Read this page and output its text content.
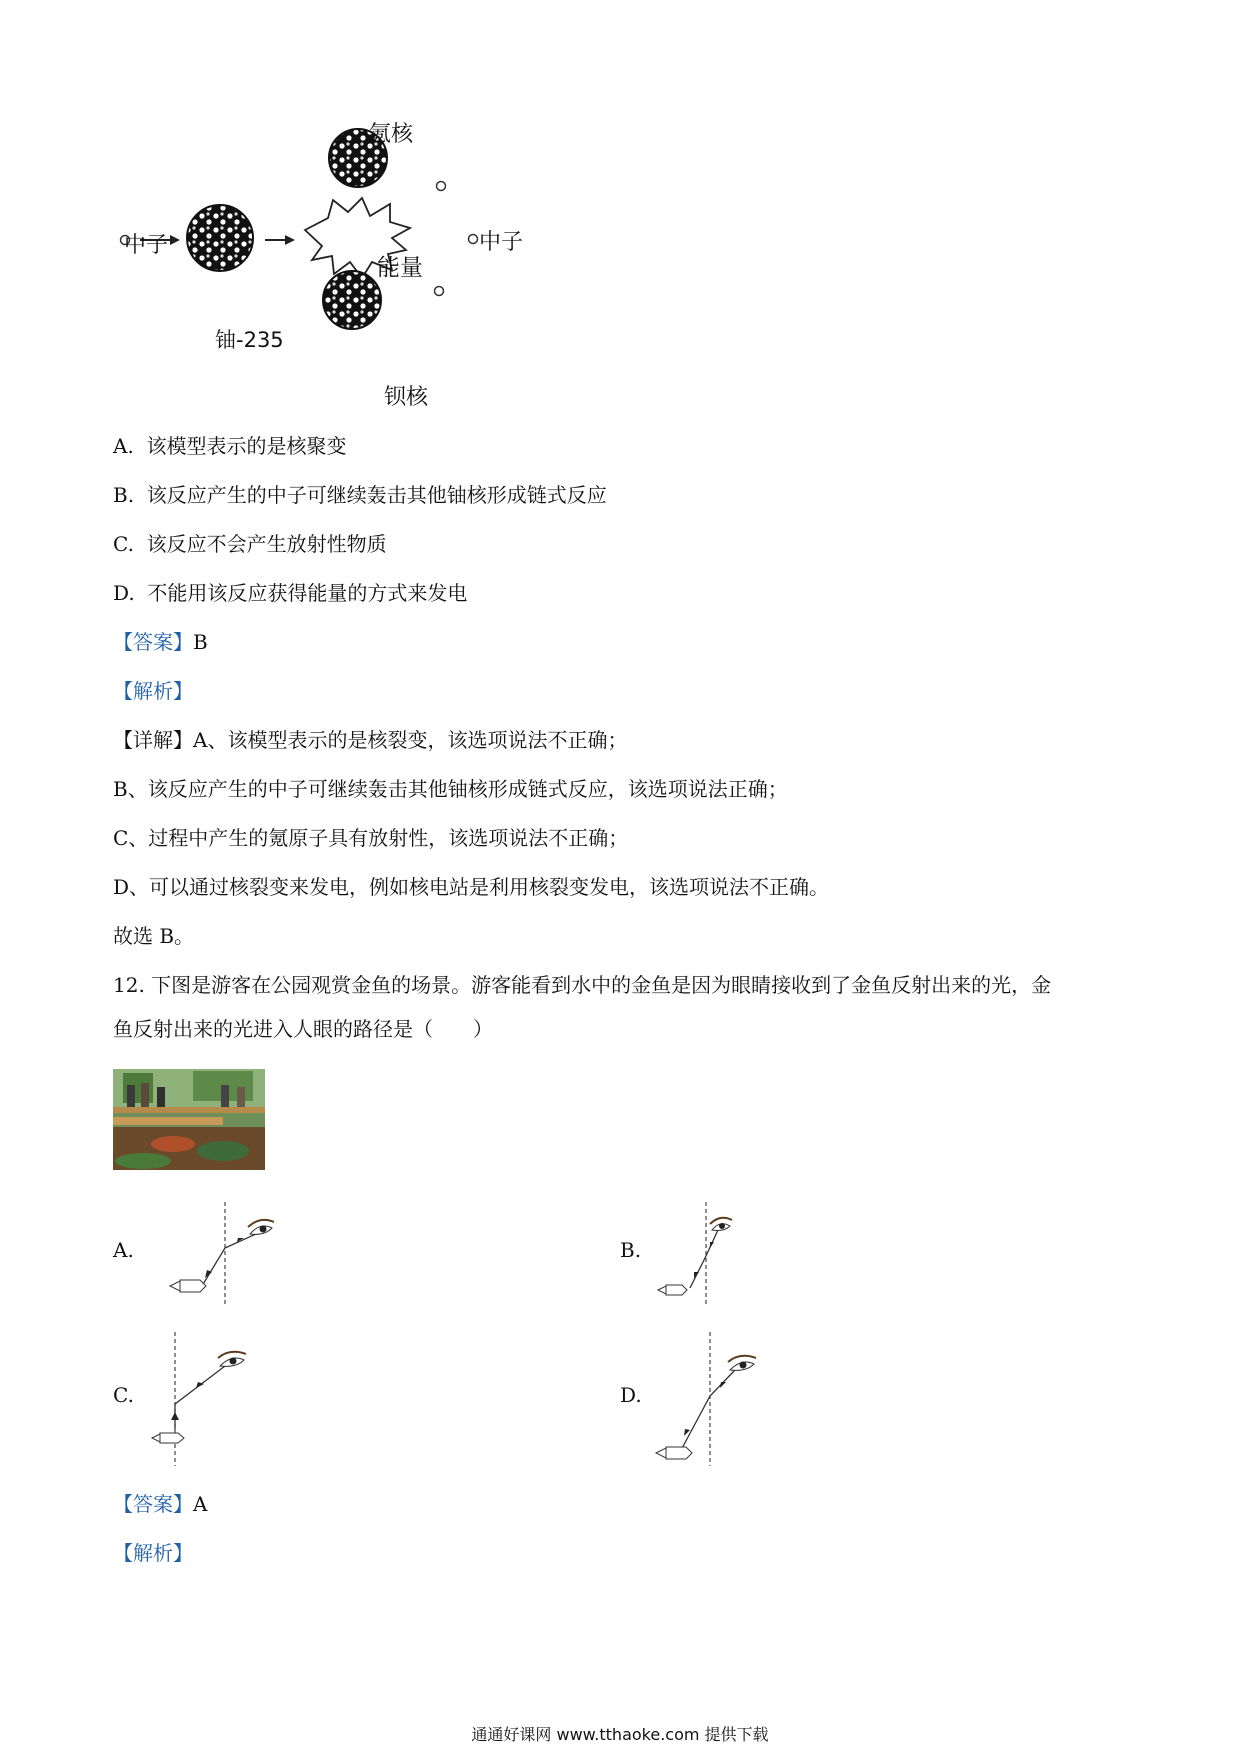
中子
铀-235
氪核
能量
中子
钡核
A. 该模型表示的是核聚变
B. 该反应产生的中子可继续轰击其他铀核形成链式反应
C. 该反应不会产生放射性物质
D. 不能用该反应获得能量的方式来发电
【答案】B
【解析】
【详解】A、该模型表示的是核裂变，该选项说法不正确；
B、该反应产生的中子可继续轰击其他铀核形成链式反应，该选项说法正确；
C、过程中产生的氪原子具有放射性，该选项说法不正确；
D、可以通过核裂变来发电，例如核电站是利用核裂变发电，该选项说法不正确。
故选 B。
12. 下图是游客在公园观赏金鱼的场景。游客能看到水中的金鱼是因为眼睛接收到了金鱼反射出来的光，金
鱼反射出来的光进入人眼的路径是（　　）
A.	B.
C.	D.
【答案】A
【解析】
通通好课网 www.tthaoke.com 提供下载
